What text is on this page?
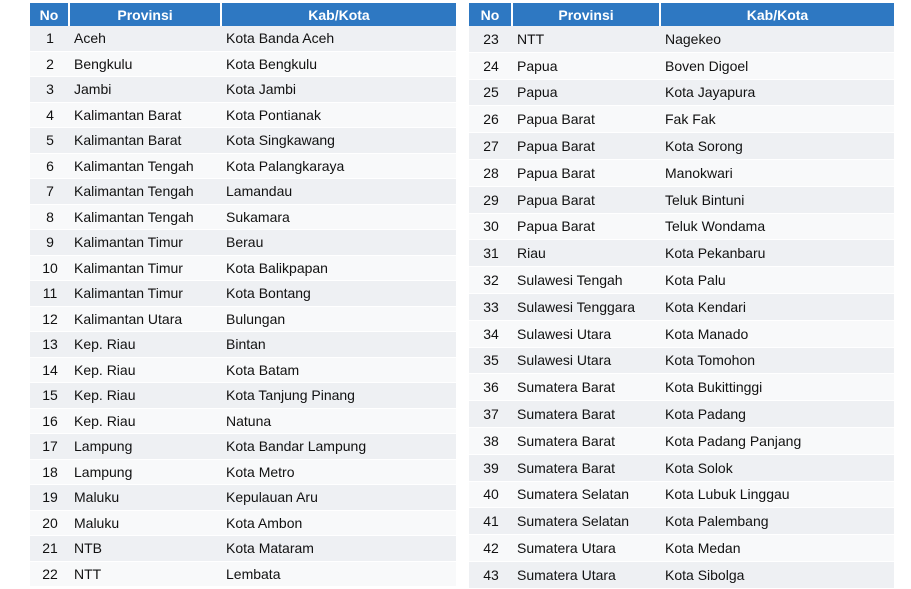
No	Provinsi	Kab/Kota
1	Aceh	Kota Banda Aceh
2	Bengkulu	Kota Bengkulu
3	Jambi	Kota Jambi
4	Kalimantan Barat	Kota Pontianak
5	Kalimantan Barat	Kota Singkawang
6	Kalimantan Tengah	Kota Palangkaraya
7	Kalimantan Tengah	Lamandau
8	Kalimantan Tengah	Sukamara
9	Kalimantan Timur	Berau
10	Kalimantan Timur	Kota Balikpapan
11	Kalimantan Timur	Kota Bontang
12	Kalimantan Utara	Bulungan
13	Kep. Riau	Bintan
14	Kep. Riau	Kota Batam
15	Kep. Riau	Kota Tanjung Pinang
16	Kep. Riau	Natuna
17	Lampung	Kota Bandar Lampung
18	Lampung	Kota Metro
19	Maluku	Kepulauan Aru
20	Maluku	Kota Ambon
21	NTB	Kota Mataram
22	NTT	Lembata
No	Provinsi	Kab/Kota
23	NTT	Nagekeo
24	Papua	Boven Digoel
25	Papua	Kota Jayapura
26	Papua Barat	Fak Fak
27	Papua Barat	Kota Sorong
28	Papua Barat	Manokwari
29	Papua Barat	Teluk Bintuni
30	Papua Barat	Teluk Wondama
31	Riau	Kota Pekanbaru
32	Sulawesi Tengah	Kota Palu
33	Sulawesi Tenggara	Kota Kendari
34	Sulawesi Utara	Kota Manado
35	Sulawesi Utara	Kota Tomohon
36	Sumatera Barat	Kota Bukittinggi
37	Sumatera Barat	Kota Padang
38	Sumatera Barat	Kota Padang Panjang
39	Sumatera Barat	Kota Solok
40	Sumatera Selatan	Kota Lubuk Linggau
41	Sumatera Selatan	Kota Palembang
42	Sumatera Utara	Kota Medan
43	Sumatera Utara	Kota Sibolga
